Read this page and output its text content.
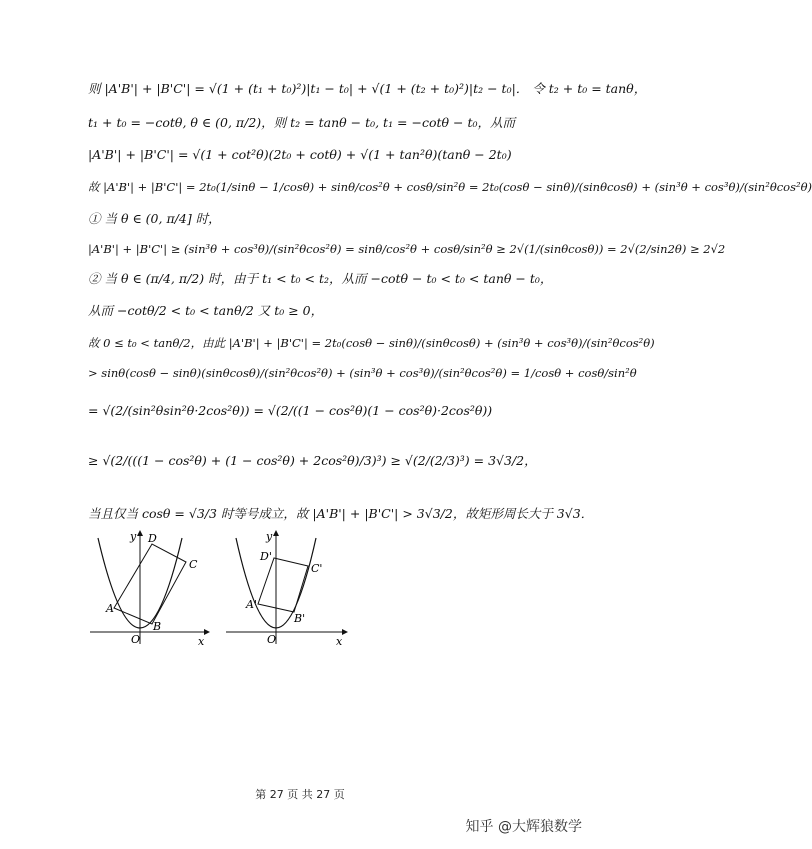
则 |A'B'| + |B'C'| = √(1 + (t₁ + t₀)²)|t₁ − t₀| + √(1 + (t₂ + t₀)²)|t₂ − t₀|． 令 t₂ + t₀ = tanθ，
t₁ + t₀ = −cotθ, θ ∈ (0, π/2)，则 t₂ = tanθ − t₀, t₁ = −cotθ − t₀，从而
|A'B'| + |B'C'| = √(1 + cot²θ)(2t₀ + cotθ) + √(1 + tan²θ)(tanθ − 2t₀)
故 |A'B'| + |B'C'| = 2t₀(1/sinθ − 1/cosθ) + sinθ/cos²θ + cosθ/sin²θ = 2t₀(cosθ − sinθ)/(sinθcosθ) + (sin³θ + cos³θ)/(sin²θcos²θ)
① 当 θ ∈ (0, π/4] 时，
|A'B'| + |B'C'| ≥ (sin³θ + cos³θ)/(sin²θcos²θ) = sinθ/cos²θ + cosθ/sin²θ ≥ 2√(1/(sinθcosθ)) = 2√(2/sin2θ) ≥ 2√2
② 当 θ ∈ (π/4, π/2) 时，由于 t₁ < t₀ < t₂，从而 −cotθ − t₀ < t₀ < tanθ − t₀，
从而 −cotθ/2 < t₀ < tanθ/2 又 t₀ ≥ 0，
故 0 ≤ t₀ < tanθ/2，由此 |A'B'| + |B'C'| = 2t₀(cosθ − sinθ)/(sinθcosθ) + (sin³θ + cos³θ)/(sin²θcos²θ)
> sinθ(cosθ − sinθ)(sinθcosθ)/(sin²θcos²θ) + (sin³θ + cos³θ)/(sin²θcos²θ) = 1/cosθ + cosθ/sin²θ
= √(2/(sin²θsin²θ·2cos²θ)) = √(2/((1 − cos²θ)(1 − cos²θ)·2cos²θ))
≥ √(2/(((1 − cos²θ) + (1 − cos²θ) + 2cos²θ)/3)³) ≥ √(2/(2/3)³) = 3√3/2，
当且仅当 cosθ = √3/3 时等号成立，故 |A'B'| + |B'C'| > 3√3/2，故矩形周长大于 3√3．
A
B
C
D
O	x
y
A'
B'
C'
D'
O	x
y
第 27 页 共 27 页
知乎 @大辉狼数学
